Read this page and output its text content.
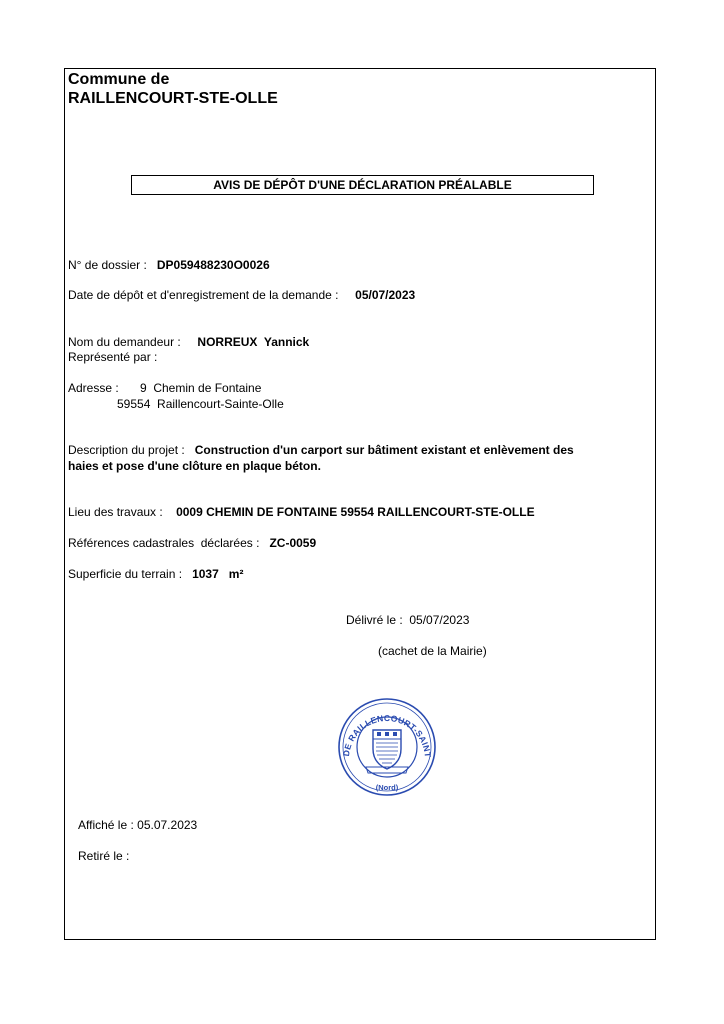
Commune de
RAILLENCOURT-STE-OLLE
AVIS DE DÉPÔT D'UNE DÉCLARATION PRÉALABLE
N° de dossier : DP059488230O0026
Date de dépôt et d'enregistrement de la demande : 05/07/2023
Nom du demandeur : NORREUX  Yannick
Représenté par :
Adresse : 9  Chemin de Fontaine
59554  Raillencourt-Sainte-Olle
Description du projet : Construction d'un carport sur bâtiment existant et enlèvement des
haies et pose d'une clôture en plaque béton.
Lieu des travaux : 0009 CHEMIN DE FONTAINE 59554 RAILLENCOURT-STE-OLLE
Références cadastrales  déclarées : ZC-0059
Superficie du terrain : 1037 m²
Délivré le : 05/07/2023
(cachet de la Mairie)
DE RAILLENCOURT-SAINT
(Nord)
Affiché le : 05.07.2023
Retiré le :
